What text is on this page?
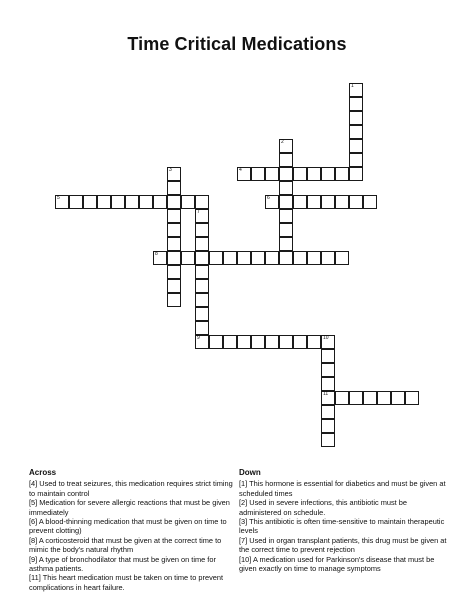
Time Critical Medications
1
2
3	4
5	6
7
9
8
10
11
Across
[4] Used to treat seizures, this medication requires strict timing to maintain control
[5] Medication for severe allergic reactions that must be given immediately
[6] A blood-thinning medication that must be given on time to prevent clotting)
[8] A corticosteroid that must be given at the correct time to mimic the body's natural rhythm
[9] A type of bronchodilator that must be given on time for asthma patients.
[11] This heart medication must be taken on time to prevent complications in heart failure.
Down
[1] This hormone is essential for diabetics and must be given at scheduled times
[2] Used in severe infections, this antibiotic must be administered on schedule.
[3] This antibiotic is often time-sensitive to maintain therapeutic levels
[7] Used in organ transplant patients, this drug must be given at the correct time to prevent rejection
[10] A medication used for Parkinson's disease that must be given exactly on time to manage symptoms
